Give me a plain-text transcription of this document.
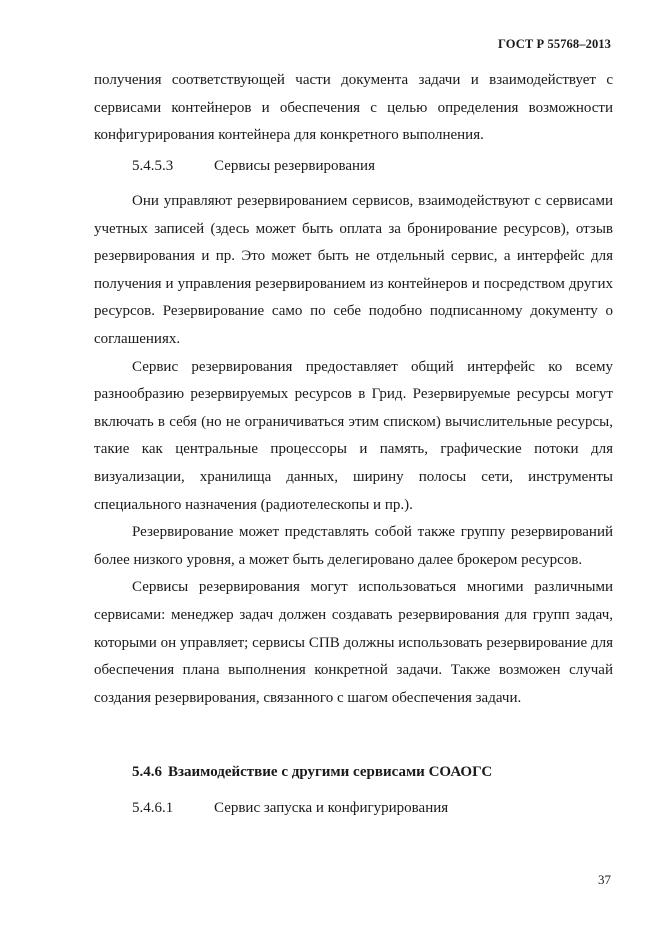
ГОСТ Р 55768–2013

получения соответствующей части документа задачи и взаимодействует с сервисами контейнеров и обеспечения с целью определения возможности конфигурирования контейнера для конкретного выполнения.

5.4.5.3	Сервисы резервирования

Они управляют резервированием сервисов, взаимодействуют с сервисами учетных записей (здесь может быть оплата за бронирование ресурсов), отзыв резервирования и пр. Это может быть не отдельный сервис, а интерфейс для получения и управления резервированием из контейнеров и посредством других ресурсов. Резервирование само по себе подобно подписанному документу о соглашениях.

Сервис резервирования предоставляет общий интерфейс ко всему разнообразию резервируемых ресурсов в Грид. Резервируемые ресурсы могут включать в себя (но не ограничиваться этим списком) вычислительные ресурсы, такие как центральные процессоры и память, графические потоки для визуализации, хранилища данных, ширину полосы сети, инструменты специального назначения (радиотелескопы и пр.).

Резервирование может представлять собой также группу резервирований более низкого уровня, а может быть делегировано далее брокером ресурсов.

Сервисы резервирования могут использоваться многими различными сервисами: менеджер задач должен создавать резервирования для групп задач, которыми он управляет; сервисы СПВ должны использовать резервирование для обеспечения плана выполнения конкретной задачи. Также возможен случай создания резервирования, связанного с шагом обеспечения задачи.

5.4.6 Взаимодействие с другими сервисами СОАОГС
5.4.6.1	Сервис запуска и конфигурирования
37
